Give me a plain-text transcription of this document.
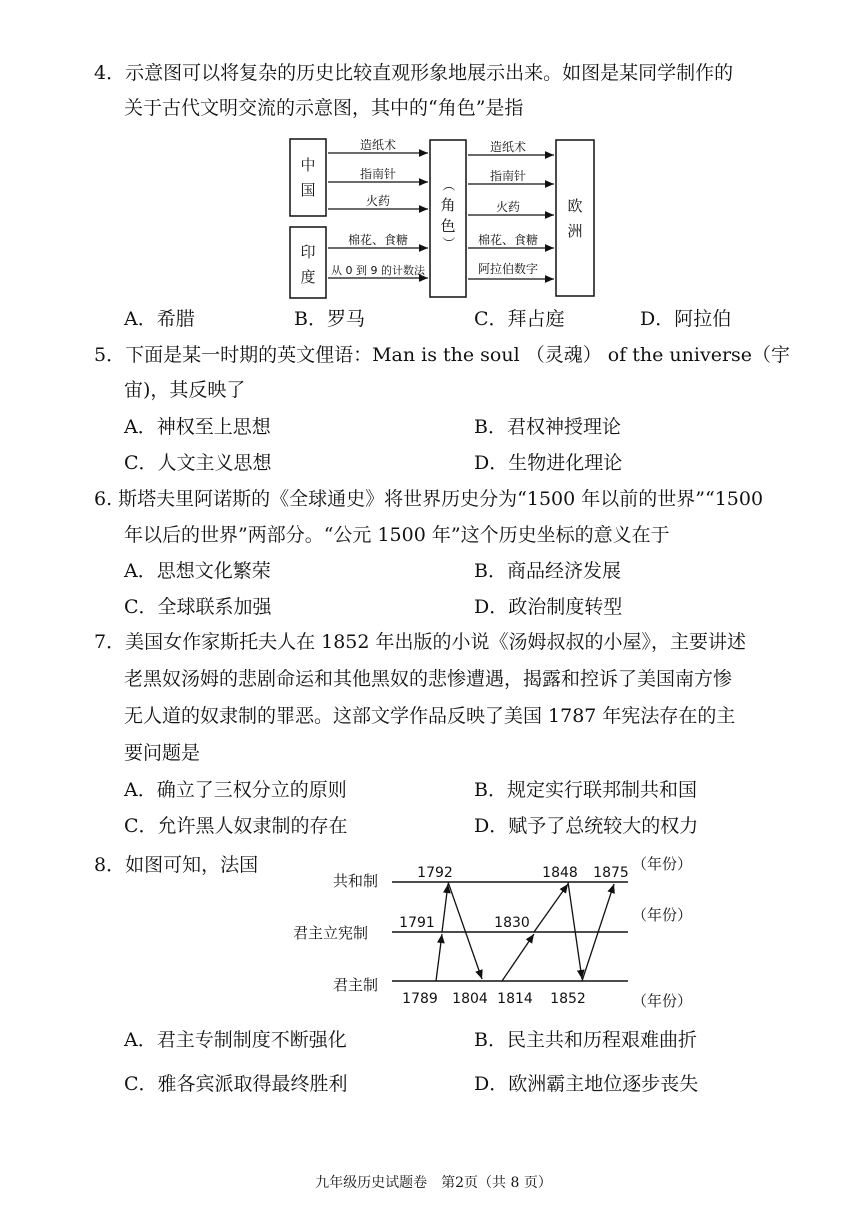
4．示意图可以将复杂的历史比较直观形象地展示出来。如图是某同学制作的
关于古代文明交流的示意图，其中的“角色”是指
中
国
印
度
（
角
色
）
欧
洲
造纸术
指南针
火药
棉花、食糖
从 0 到 9 的计数法
造纸术
指南针
火药
棉花、食糖
阿拉伯数字
A．希腊	B．罗马	C．拜占庭	D．阿拉伯
5．下面是某一时期的英文俚语：Man is the soul （灵魂） of the universe（宇
宙)，其反映了
A．神权至上思想	B．君权神授理论
C．人文主义思想	D．生物进化理论
6. 斯塔夫里阿诺斯的《全球通史》将世界历史分为“1500 年以前的世界”“1500
年以后的世界”两部分。“公元 1500 年”这个历史坐标的意义在于
A．思想文化繁荣	B．商品经济发展
C．全球联系加强	D．政治制度转型
7．美国女作家斯托夫人在 1852 年出版的小说《汤姆叔叔的小屋》，主要讲述
老黑奴汤姆的悲剧命运和其他黑奴的悲惨遭遇，揭露和控诉了美国南方惨
无人道的奴隶制的罪恶。这部文学作品反映了美国 1787 年宪法存在的主
要问题是
A．确立了三权分立的原则	B．规定实行联邦制共和国
C．允许黑人奴隶制的存在	D．赋予了总统较大的权力
8．如图可知，法国
共和制
君主立宪制
君主制
（年份）
（年份）
（年份）
1792	1848 1875
1791	1830
1789 1804 1814 1852
A．君主专制制度不断强化	B．民主共和历程艰难曲折
C．雅各宾派取得最终胜利	D．欧洲霸主地位逐步丧失
九年级历史试题卷　第2页（共 8 页）
